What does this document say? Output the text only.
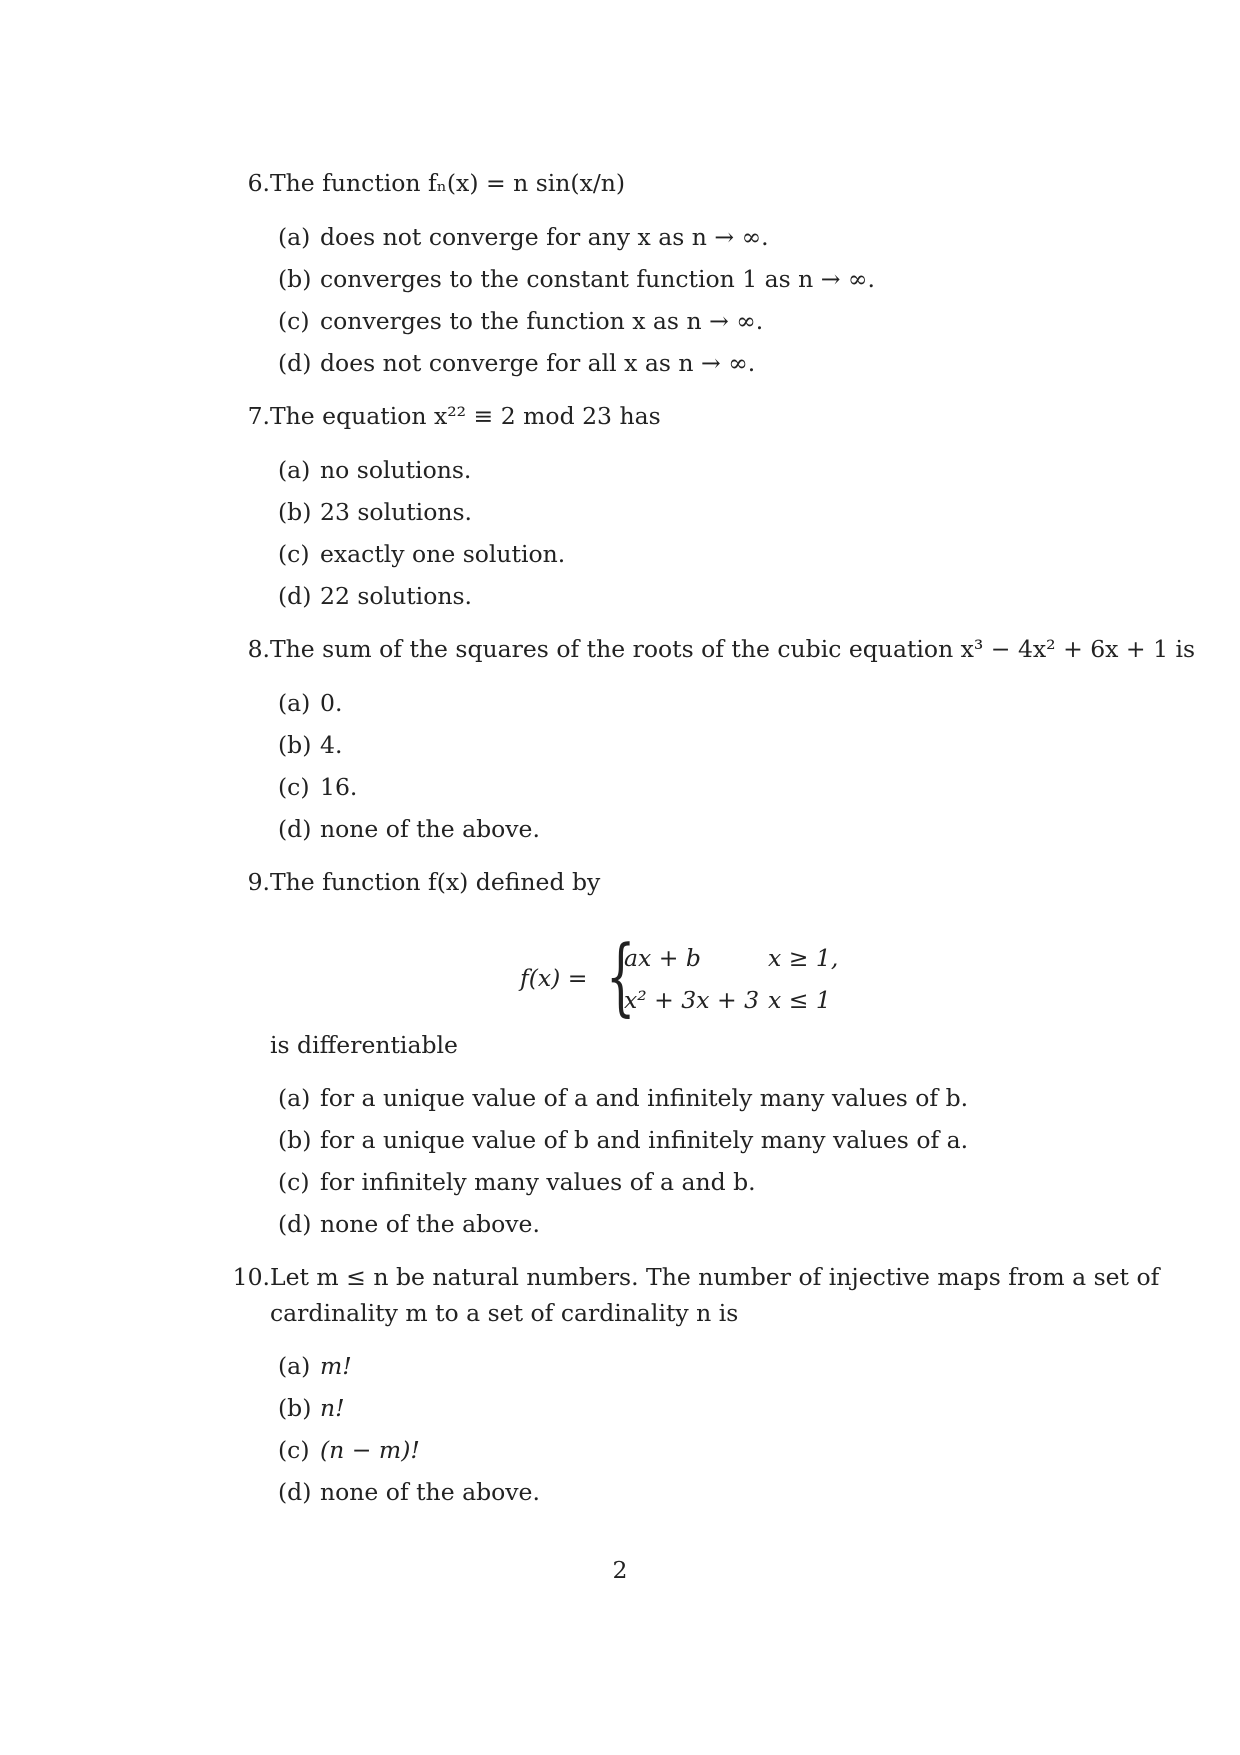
6. The function fₙ(x) = n sin(x/n)
(a) does not converge for any x as n → ∞.
(b) converges to the constant function 1 as n → ∞.
(c) converges to the function x as n → ∞.
(d) does not converge for all x as n → ∞.
7. The equation x²² ≡ 2 mod 23 has
(a) no solutions.
(b) 23 solutions.
(c) exactly one solution.
(d) 22 solutions.
8. The sum of the squares of the roots of the cubic equation x³ − 4x² + 6x + 1 is
(a) 0.
(b) 4.
(c) 16.
(d) none of the above.
9. The function f(x) defined by
f(x) = {
ax + b	x ≥ 1,
x² + 3x + 3 x ≤ 1
is differentiable
(a) for a unique value of a and infinitely many values of b.
(b) for a unique value of b and infinitely many values of a.
(c) for infinitely many values of a and b.
(d) none of the above.
10. Let m ≤ n be natural numbers. The number of injective maps from a set of
cardinality m to a set of cardinality n is
(a) m!
(b) n!
(c) (n − m)!
(d) none of the above.
2
